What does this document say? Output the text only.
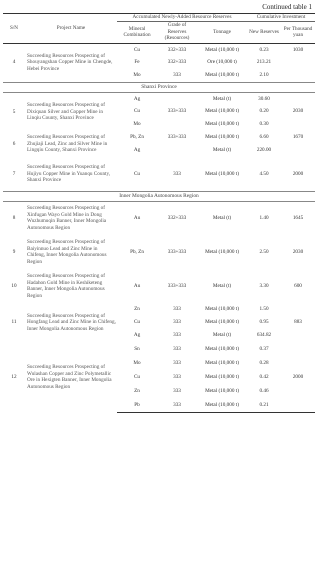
Continued table 1
S/N	Project Name	Accumulated Newly-Added Resource Reserves			Cumulative Investment	
		Mineral Combination	Grade of Reserves (Resources)	Tonnage	New Reserves	Per Thousand yuan
4	Succeeding Resources Prospecting of Shouyangshan Copper Mine in Chengde, Hebei Province	Cu	332+333	Metal (10,000 t)	0.23	1030
		Fe	332+333	Ore (10,000 t)	213.21	
		Mo	333	Metal (10,000 t)	2.10	
Shanxi Province						
5	Succeeding Resources Prospecting of Dixiquan Silver and Copper Mine in Linqiu County, Shanxi Province	Ag		Metal (t)	30.60	
		Cu	333+333	Metal (10,000 t)	0.20	2030
		Mo		Metal (10,000 t)	0.30	
6	Succeeding Resources Prospecting of Zhujiaji Lead, Zinc and Silver Mine in Lingqiu County, Shanxi Province	Pb, Zn	333+333	Metal (10,000 t)	6.60	1670
		Ag		Metal (t)	220.00	
7	Succeeding Resources Prospecting of Hujiyu Copper Mine in Yuanqu County, Shanxi Province	Cu	333	Metal (10,000 t)	4.50	2000
Inner Mongolia Autonomous Region						
8	Succeeding Resources Prospecting of Xinfugan Wayo Gold Mine in Dong Wuzhumuqin Banner, Inner Mongolia Autonomous Region	Au	332+333	Metal (t)	1.40	1645
9	Succeeding Resources Prospecting of Baiyinnuo Lead and Zinc Mine in Chifeng, Inner Mongolia Autonomous Region	Pb, Zn	333+333	Metal (10,000 t)	2.50	2030
10	Succeeding Resources Prospecting of Hadahon Gold Mine in Keshiketeng Banner, Inner Mongolia Autonomous Region	Au	333+333	Metal (t)	3.30	600
11	Succeeding Resources Prospecting of Hongfang Lead and Zinc Mine in Chifeng, Inner Mongolia Autonomous Region	Zn	333	Metal (10,000 t)	1.50	
		Cu	333	Metal (10,000 t)	0.95	883
		Ag	333	Metal (t)	634.82	
12	Succeeding Resources Prospecting of Wulashan Copper and Zinc Polymetallic Ore in Hexigten Banner, Inner Mongolia Autonomous Region	Sn	333	Metal (10,000 t)	0.37	
		Mo	333	Metal (10,000 t)	0.28	
		Cu	333	Metal (10,000 t)	0.42	2000
		Zn	333	Metal (10,000 t)	0.46	
		Pb	333	Metal (10,000 t)	0.21	
